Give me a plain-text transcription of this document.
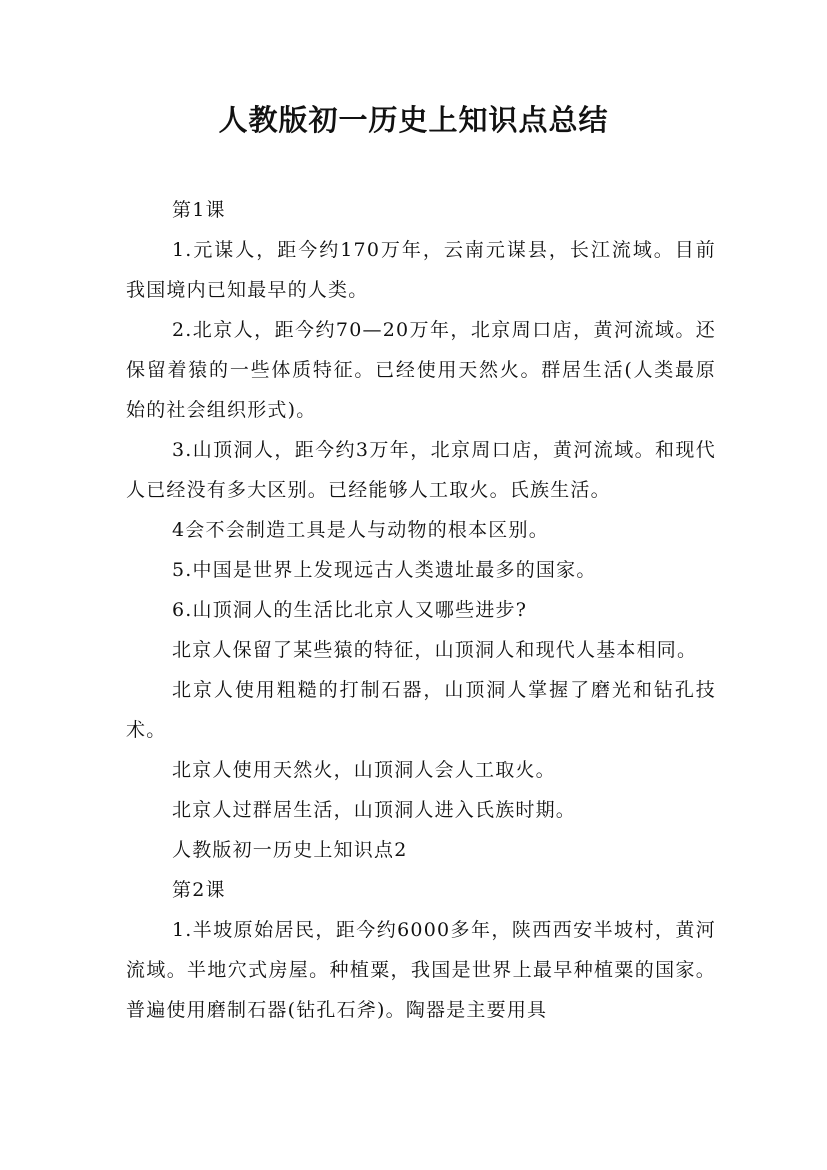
人教版初一历史上知识点总结

第1课

1.元谋人，距今约170万年，云南元谋县，长江流域。目前我国境内已知最早的人类。

2.北京人，距今约70—20万年，北京周口店，黄河流域。还保留着猿的一些体质特征。已经使用天然火。群居生活(人类最原始的社会组织形式)。

3.山顶洞人，距今约3万年，北京周口店，黄河流域。和现代人已经没有多大区别。已经能够人工取火。氏族生活。

4会不会制造工具是人与动物的根本区别。

5.中国是世界上发现远古人类遗址最多的国家。

6.山顶洞人的生活比北京人又哪些进步?

北京人保留了某些猿的特征，山顶洞人和现代人基本相同。

北京人使用粗糙的打制石器，山顶洞人掌握了磨光和钻孔技术。

北京人使用天然火，山顶洞人会人工取火。

北京人过群居生活，山顶洞人进入氏族时期。

人教版初一历史上知识点2

第2课

1.半坡原始居民，距今约6000多年，陕西西安半坡村，黄河流域。半地穴式房屋。种植粟，我国是世界上最早种植粟的国家。普遍使用磨制石器(钻孔石斧)。陶器是主要用具
